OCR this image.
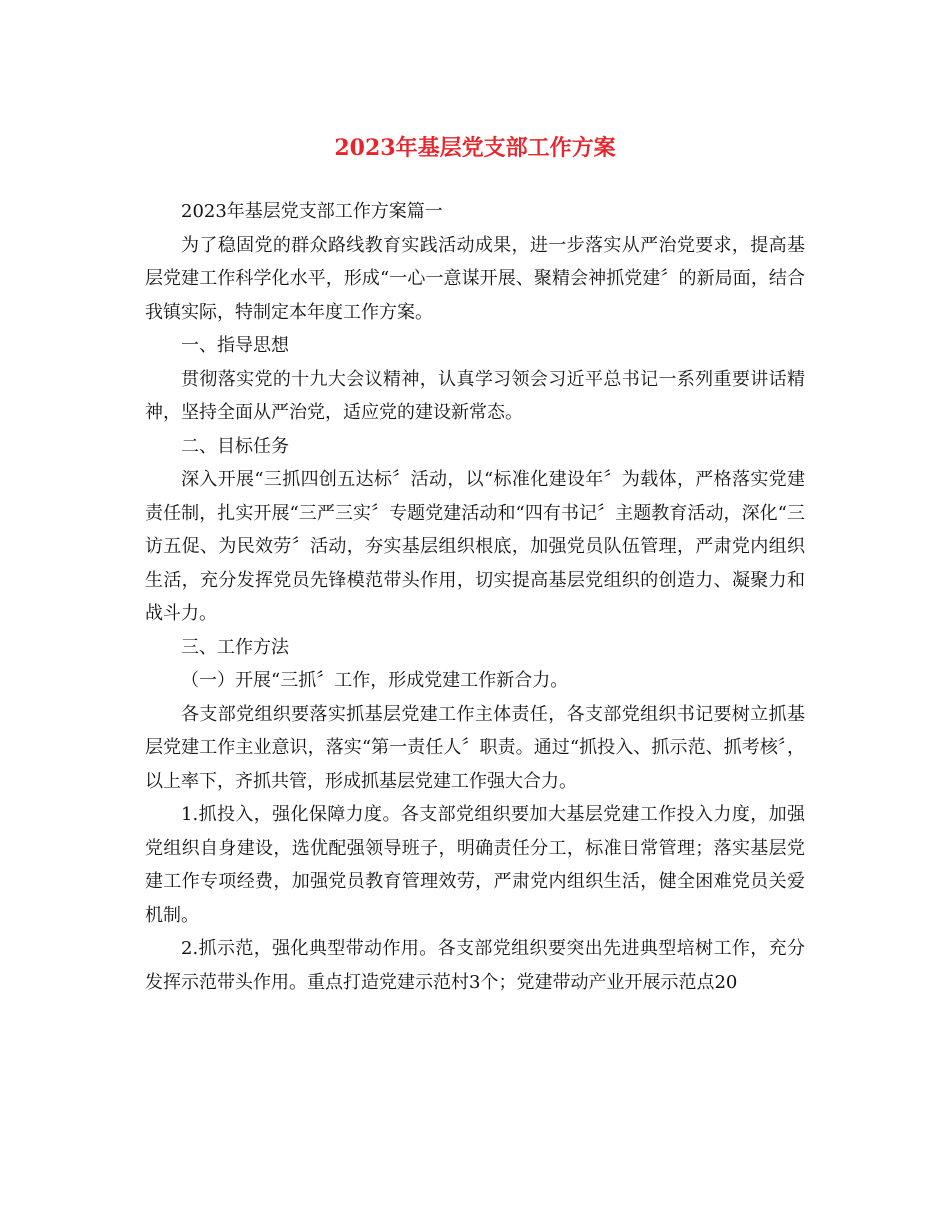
2023年基层党支部工作方案

2023年基层党支部工作方案篇一

为了稳固党的群众路线教育实践活动成果，进一步落实从严治党要求，提高基层党建工作科学化水平，形成“一心一意谋开展、聚精会神抓党建〞的新局面，结合我镇实际，特制定本年度工作方案。

一、指导思想

贯彻落实党的十九大会议精神，认真学习领会习近平总书记一系列重要讲话精神，坚持全面从严治党，适应党的建设新常态。

二、目标任务

深入开展“三抓四创五达标〞活动，以“标准化建设年〞为载体，严格落实党建责任制，扎实开展“三严三实〞专题党建活动和“四有书记〞主题教育活动，深化“三访五促、为民效劳〞活动，夯实基层组织根底，加强党员队伍管理，严肃党内组织生活，充分发挥党员先锋模范带头作用，切实提高基层党组织的创造力、凝聚力和战斗力。

三、工作方法

（一）开展“三抓〞工作，形成党建工作新合力。

各支部党组织要落实抓基层党建工作主体责任，各支部党组织书记要树立抓基层党建工作主业意识，落实“第一责任人〞职责。通过“抓投入、抓示范、抓考核〞，以上率下，齐抓共管，形成抓基层党建工作强大合力。

1.抓投入，强化保障力度。各支部党组织要加大基层党建工作投入力度，加强党组织自身建设，选优配强领导班子，明确责任分工，标准日常管理；落实基层党建工作专项经费，加强党员教育管理效劳，严肃党内组织生活，健全困难党员关爱机制。

2.抓示范，强化典型带动作用。各支部党组织要突出先进典型培树工作，充分发挥示范带头作用。重点打造党建示范村3个；党建带动产业开展示范点20
